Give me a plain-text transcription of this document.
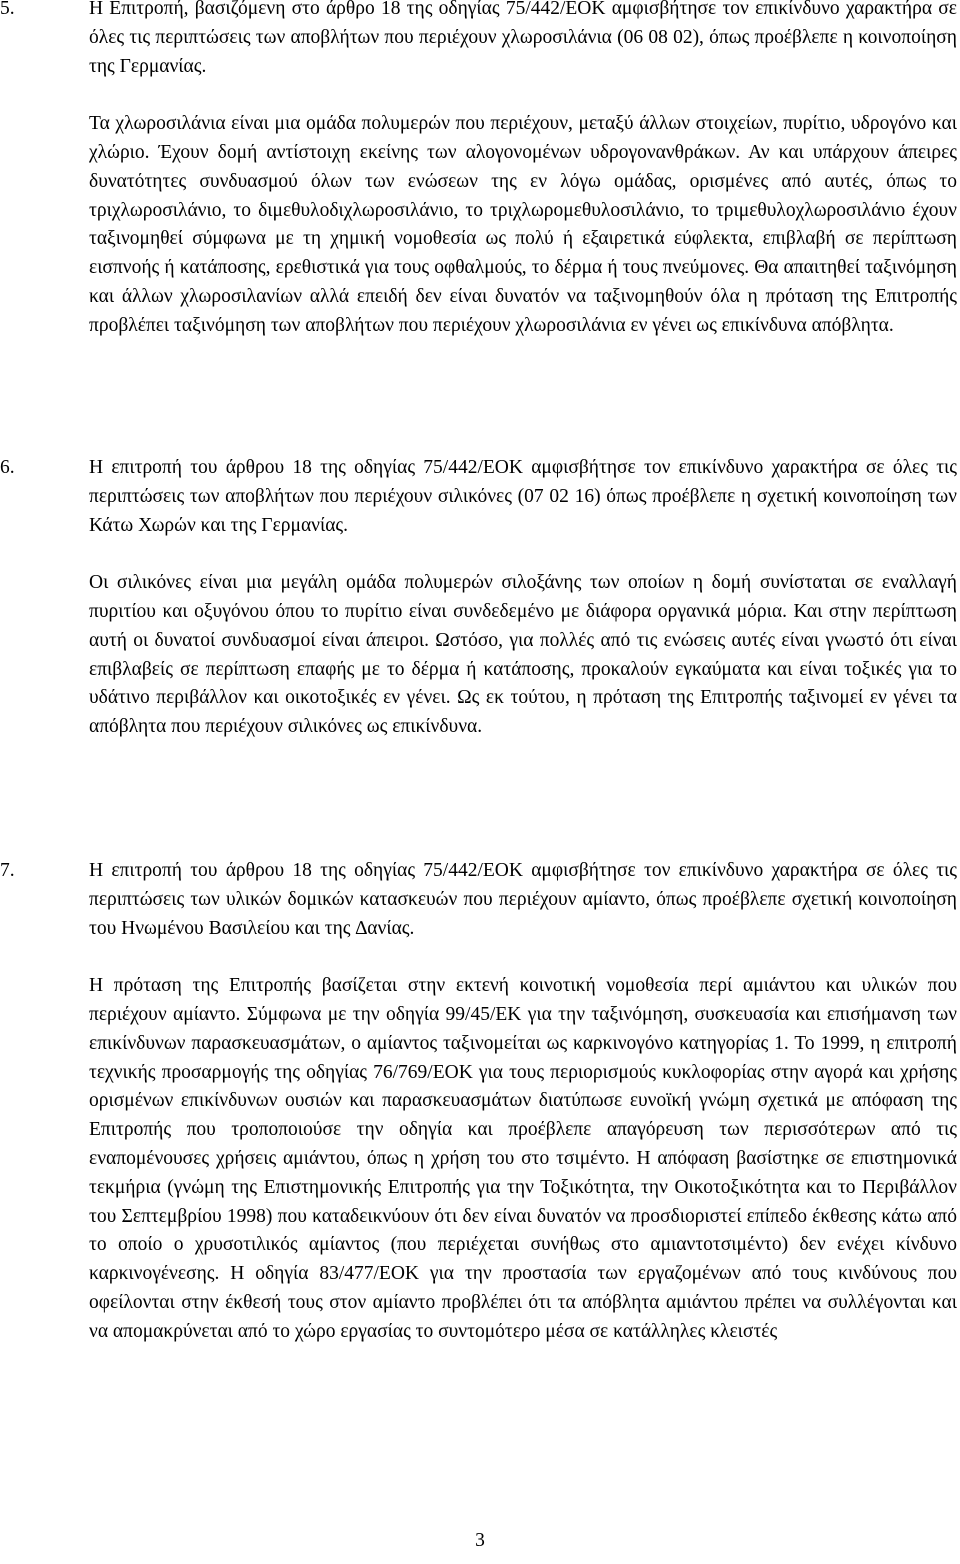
5.	Η Επιτροπή, βασιζόμενη στο άρθρο 18 της οδηγίας 75/442/ΕΟΚ αμφισβήτησε τον επικίνδυνο χαρακτήρα σε όλες τις περιπτώσεις των αποβλήτων που περιέχουν χλωροσιλάνια (06 08 02), όπως προέβλεπε η κοινοποίηση της Γερμανίας.

Τα χλωροσιλάνια είναι μια ομάδα πολυμερών που περιέχουν, μεταξύ άλλων στοιχείων, πυρίτιο, υδρογόνο και χλώριο. Έχουν δομή αντίστοιχη εκείνης των αλογονομένων υδρογονανθράκων. Αν και υπάρχουν άπειρες δυνατότητες συνδυασμού όλων των ενώσεων της εν λόγω ομάδας, ορισμένες από αυτές, όπως το τριχλωροσιλάνιο, το διμεθυλοδιχλωροσιλάνιο, το τριχλωρομεθυλοσιλάνιο, το τριμεθυλοχλωροσιλάνιο έχουν ταξινομηθεί σύμφωνα με τη χημική νομοθεσία ως πολύ ή εξαιρετικά εύφλεκτα, επιβλαβή σε περίπτωση εισπνοής ή κατάποσης, ερεθιστικά για τους οφθαλμούς, το δέρμα ή τους πνεύμονες. Θα απαιτηθεί ταξινόμηση και άλλων χλωροσιλανίων αλλά επειδή δεν είναι δυνατόν να ταξινομηθούν όλα η πρόταση της Επιτροπής προβλέπει ταξινόμηση των αποβλήτων που περιέχουν χλωροσιλάνια εν γένει ως επικίνδυνα απόβλητα.

6.	Η επιτροπή του άρθρου 18 της οδηγίας 75/442/ΕΟΚ αμφισβήτησε τον επικίνδυνο χαρακτήρα σε όλες τις περιπτώσεις των αποβλήτων που περιέχουν σιλικόνες (07 02 16) όπως προέβλεπε η σχετική κοινοποίηση των Κάτω Χωρών και της Γερμανίας.

Οι σιλικόνες είναι μια μεγάλη ομάδα πολυμερών σιλοξάνης των οποίων η δομή συνίσταται σε εναλλαγή πυριτίου και οξυγόνου όπου το πυρίτιο είναι συνδεδεμένο με διάφορα οργανικά μόρια. Και στην περίπτωση αυτή οι δυνατοί συνδυασμοί είναι άπειροι. Ωστόσο, για πολλές από τις ενώσεις αυτές είναι γνωστό ότι είναι επιβλαβείς σε περίπτωση επαφής με το δέρμα ή κατάποσης, προκαλούν εγκαύματα και είναι τοξικές για το υδάτινο περιβάλλον και οικοτοξικές εν γένει. Ως εκ τούτου, η πρόταση της Επιτροπής ταξινομεί εν γένει τα απόβλητα που περιέχουν σιλικόνες ως επικίνδυνα.

7.	Η επιτροπή του άρθρου 18 της οδηγίας 75/442/ΕΟΚ αμφισβήτησε τον επικίνδυνο χαρακτήρα σε όλες τις περιπτώσεις των υλικών δομικών κατασκευών που περιέχουν αμίαντο, όπως προέβλεπε σχετική κοινοποίηση του Ηνωμένου Βασιλείου και της ∆ανίας.

Η πρόταση της Επιτροπής βασίζεται στην εκτενή κοινοτική νομοθεσία περί αμιάντου και υλικών που περιέχουν αμίαντο. Σύμφωνα με την οδηγία 99/45/ΕΚ για την ταξινόμηση, συσκευασία και επισήμανση των επικίνδυνων παρασκευασμάτων, ο αμίαντος ταξινομείται ως καρκινογόνο κατηγορίας 1. Το 1999, η επιτροπή τεχνικής προσαρμογής της οδηγίας 76/769/ΕΟΚ για τους περιορισμούς κυκλοφορίας στην αγορά και χρήσης ορισμένων επικίνδυνων ουσιών και παρασκευασμάτων διατύπωσε ευνοϊκή γνώμη σχετικά με απόφαση της Επιτροπής που τροποποιούσε την οδηγία και προέβλεπε απαγόρευση των περισσότερων από τις εναπομένουσες χρήσεις αμιάντου, όπως η χρήση του στο τσιμέντο. Η απόφαση βασίστηκε σε επιστημονικά τεκμήρια (γνώμη της Επιστημονικής Επιτροπής για την Τοξικότητα, την Οικοτοξικότητα και το Περιβάλλον του Σεπτεμβρίου 1998) που καταδεικνύουν ότι δεν είναι δυνατόν να προσδιοριστεί επίπεδο έκθεσης κάτω από το οποίο ο χρυσοτιλικός αμίαντος (που περιέχεται συνήθως στο αμιαντοτσιμέντο) δεν ενέχει κίνδυνο καρκινογένεσης. Η οδηγία 83/477/ΕΟΚ για την προστασία των εργαζομένων από τους κινδύνους που οφείλονται στην έκθεσή τους στον αμίαντο προβλέπει ότι τα απόβλητα αμιάντου πρέπει να συλλέγονται και να απομακρύνεται από το χώρο εργασίας το συντομότερο μέσα σε κατάλληλες κλειστές

3
